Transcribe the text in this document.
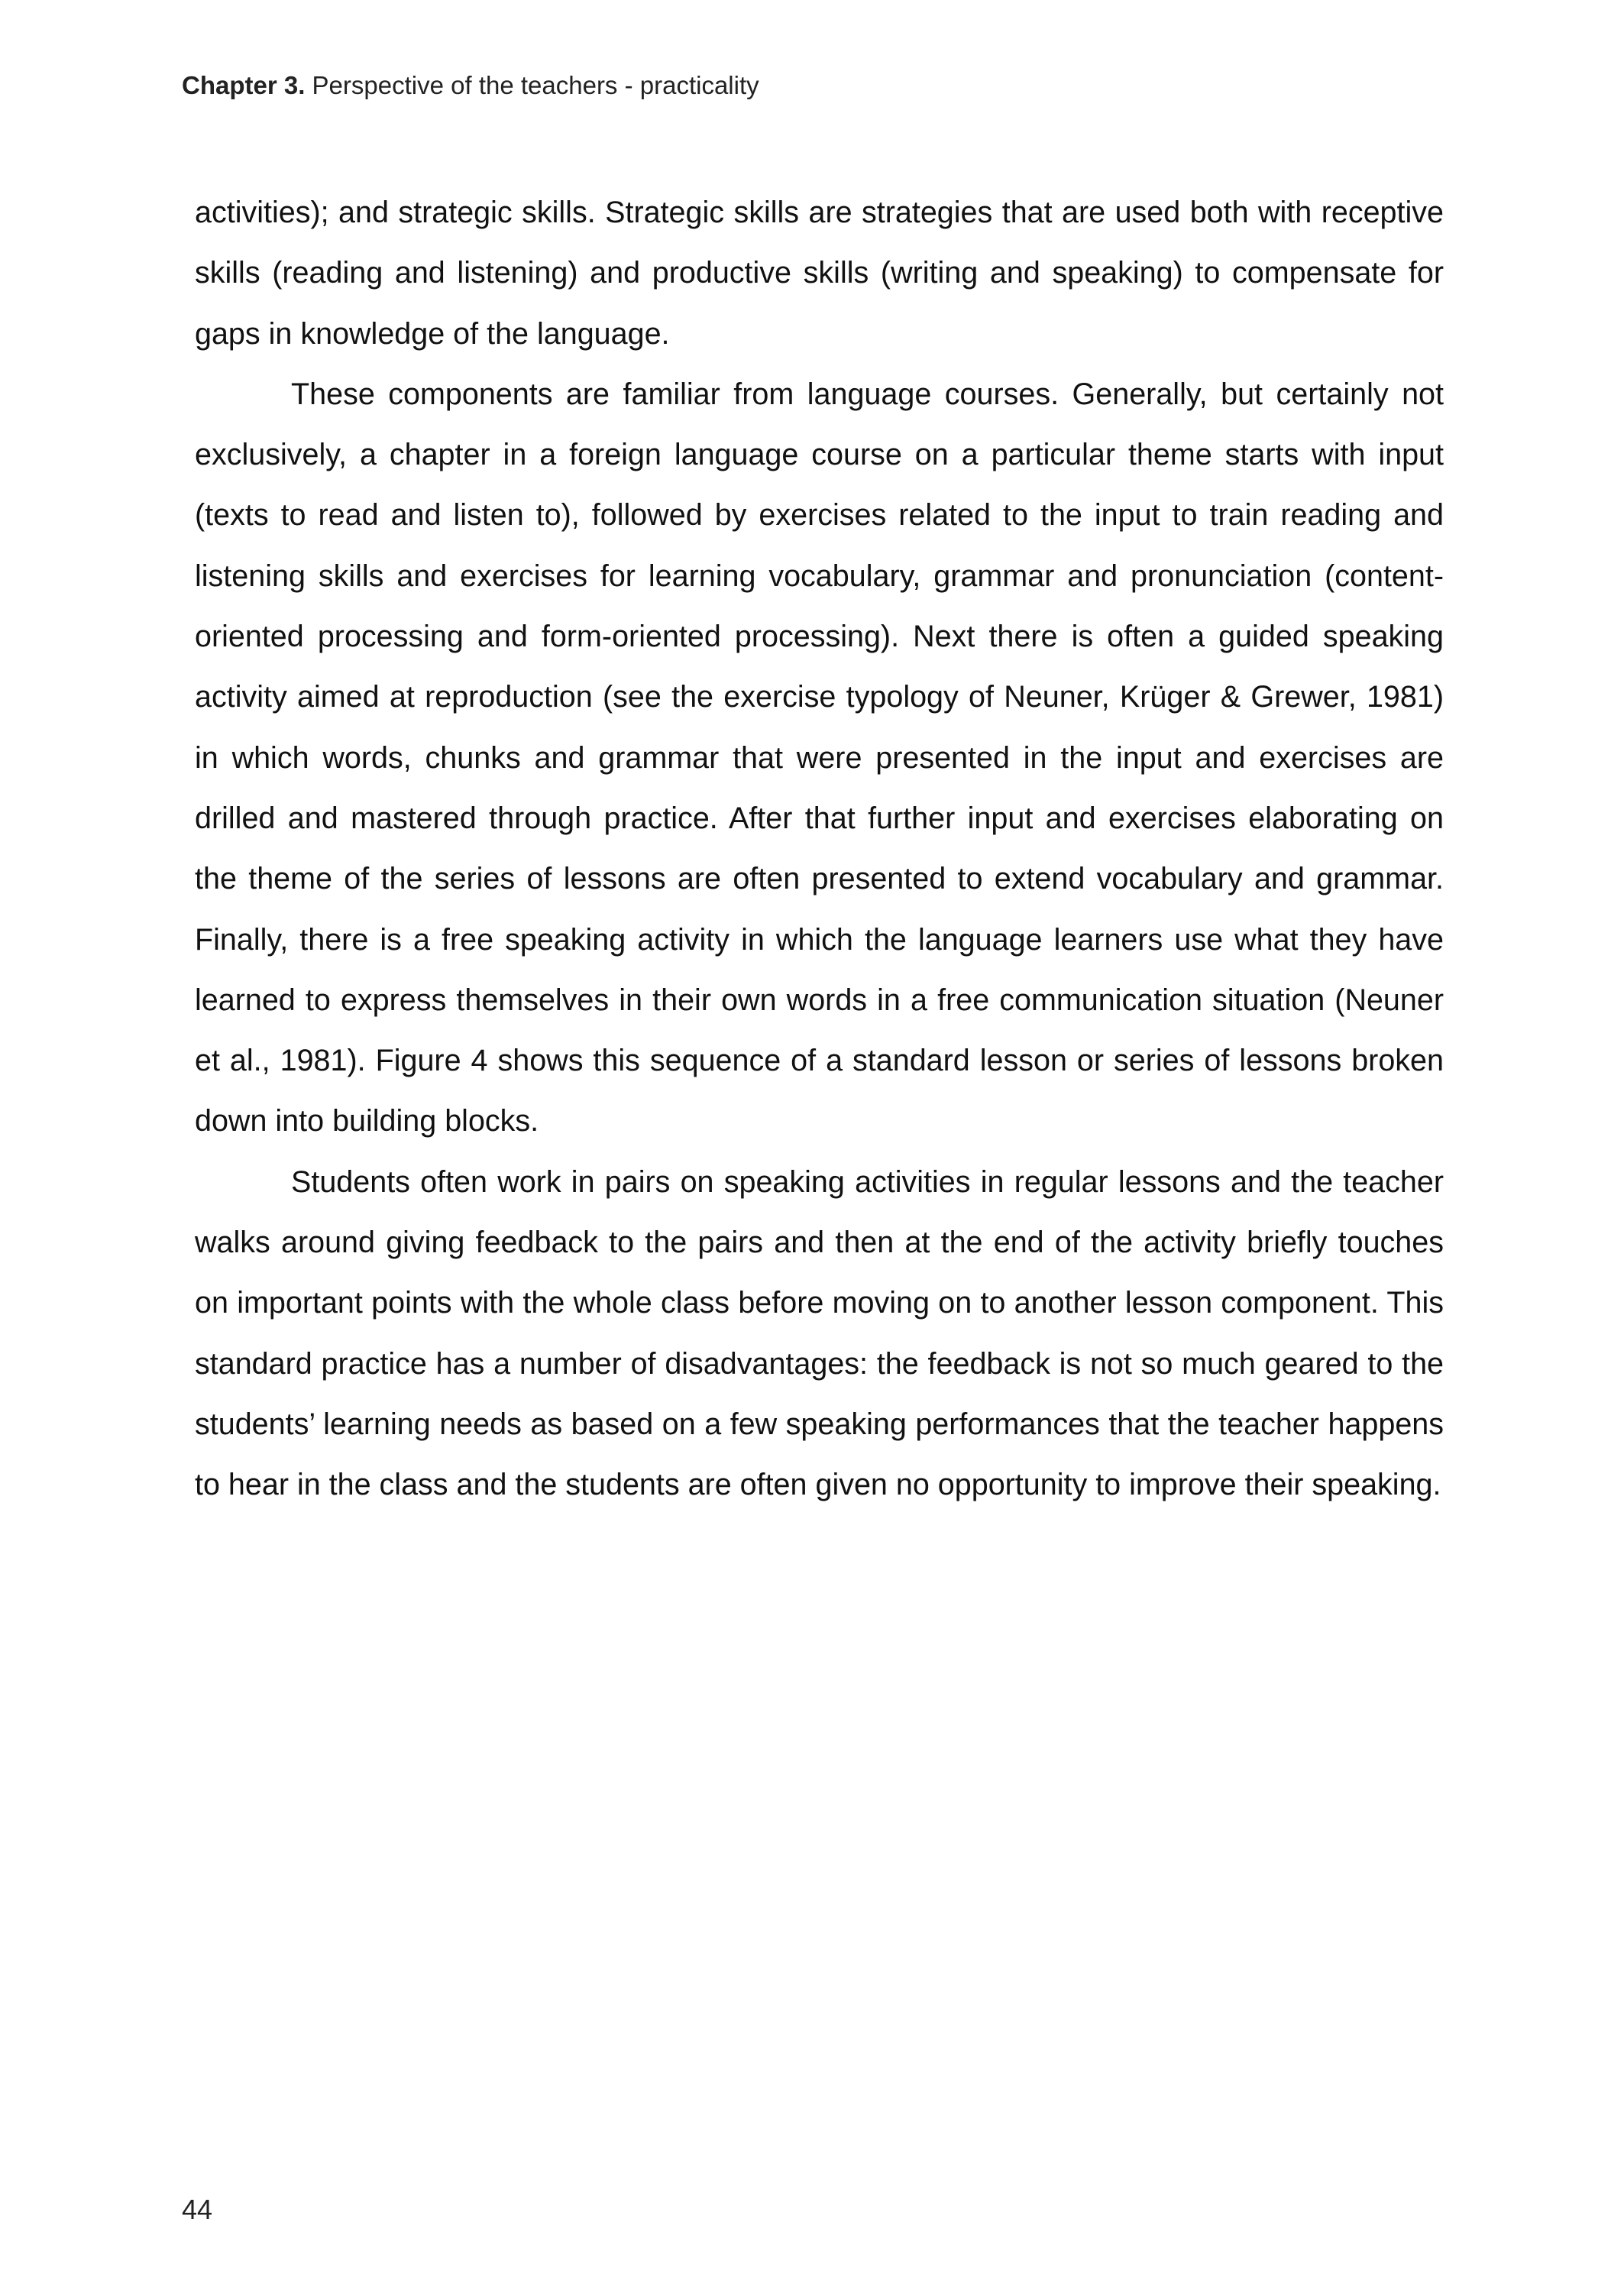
Chapter 3. Perspective of the teachers - practicality

activities); and strategic skills. Strategic skills are strategies that are used both with receptive skills (reading and listening) and productive skills (writing and speaking) to compensate for gaps in knowledge of the language.

These components are familiar from language courses. Generally, but certainly not exclusively, a chapter in a foreign language course on a particular theme starts with input (texts to read and listen to), followed by exercises related to the input to train reading and listening skills and exercises for learning vocabulary, grammar and pronunciation (content-oriented processing and form-oriented processing). Next there is often a guided speaking activity aimed at reproduction (see the exercise typology of Neuner, Krüger & Grewer, 1981) in which words, chunks and grammar that were presented in the input and exercises are drilled and mastered through practice. After that further input and exercises elaborating on the theme of the series of lessons are often presented to extend vocabulary and grammar. Finally, there is a free speaking activity in which the language learners use what they have learned to express themselves in their own words in a free communication situation (Neuner et al., 1981). Figure 4 shows this sequence of a standard lesson or series of lessons broken down into building blocks.

Students often work in pairs on speaking activities in regular lessons and the teacher walks around giving feedback to the pairs and then at the end of the activity briefly touches on important points with the whole class before moving on to another lesson component. This standard practice has a number of disadvantages: the feedback is not so much geared to the students’ learning needs as based on a few speaking performances that the teacher happens to hear in the class and the students are often given no opportunity to improve their speaking.

44
